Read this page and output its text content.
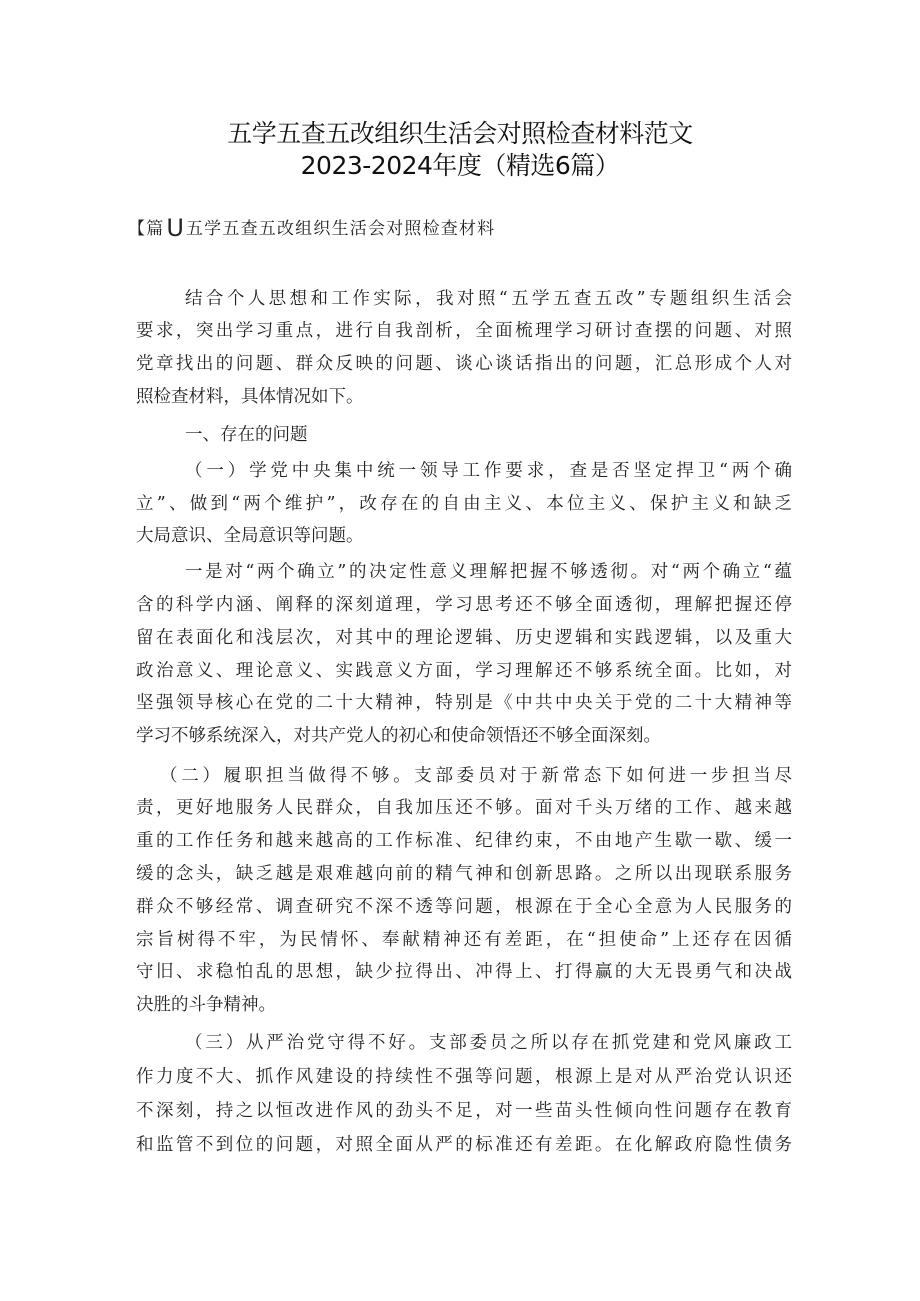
五学五查五改组织生活会对照检查材料范文
2023-2024年度（精选6篇）
【篇U 五学五查五改组织生活会对照检查材料
结合个人思想和工作实际，我对照“五学五查五改”专题组织生活会
要求，突出学习重点，进行自我剖析，全面梳理学习研讨查摆的问题、对照
党章找出的问题、群众反映的问题、谈心谈话指出的问题，汇总形成个人对
照检查材料，具体情况如下。
一、存在的问题
（一）学党中央集中统一领导工作要求，查是否坚定捍卫“两个确
立”、做到“两个维护”，改存在的自由主义、本位主义、保护主义和缺乏
大局意识、全局意识等问题。
一是对“两个确立”的决定性意义理解把握不够透彻。对“两个确立“蕴
含的科学内涵、阐释的深刻道理，学习思考还不够全面透彻，理解把握还停
留在表面化和浅层次，对其中的理论逻辑、历史逻辑和实践逻辑，以及重大
政治意义、理论意义、实践意义方面，学习理解还不够系统全面。比如，对
坚强领导核心在党的二十大精神，特别是《中共中央关于党的二十大精神等
学习不够系统深入，对共产党人的初心和使命领悟还不够全面深刻。
（二）履职担当做得不够。支部委员对于新常态下如何进一步担当尽
责，更好地服务人民群众，自我加压还不够。面对千头万绪的工作、越来越
重的工作任务和越来越高的工作标准、纪律约束，不由地产生歇一歇、缓一
缓的念头，缺乏越是艰难越向前的精气神和创新思路。之所以出现联系服务
群众不够经常、调查研究不深不透等问题，根源在于全心全意为人民服务的
宗旨树得不牢，为民情怀、奉献精神还有差距，在“担使命”上还存在因循
守旧、求稳怕乱的思想，缺少拉得出、冲得上、打得赢的大无畏勇气和决战
决胜的斗争精神。
（三）从严治党守得不好。支部委员之所以存在抓党建和党风廉政工
作力度不大、抓作风建设的持续性不强等问题，根源上是对从严治党认识还
不深刻，持之以恒改进作风的劲头不足，对一些苗头性倾向性问题存在教育
和监管不到位的问题，对照全面从严的标准还有差距。在化解政府隐性债务
